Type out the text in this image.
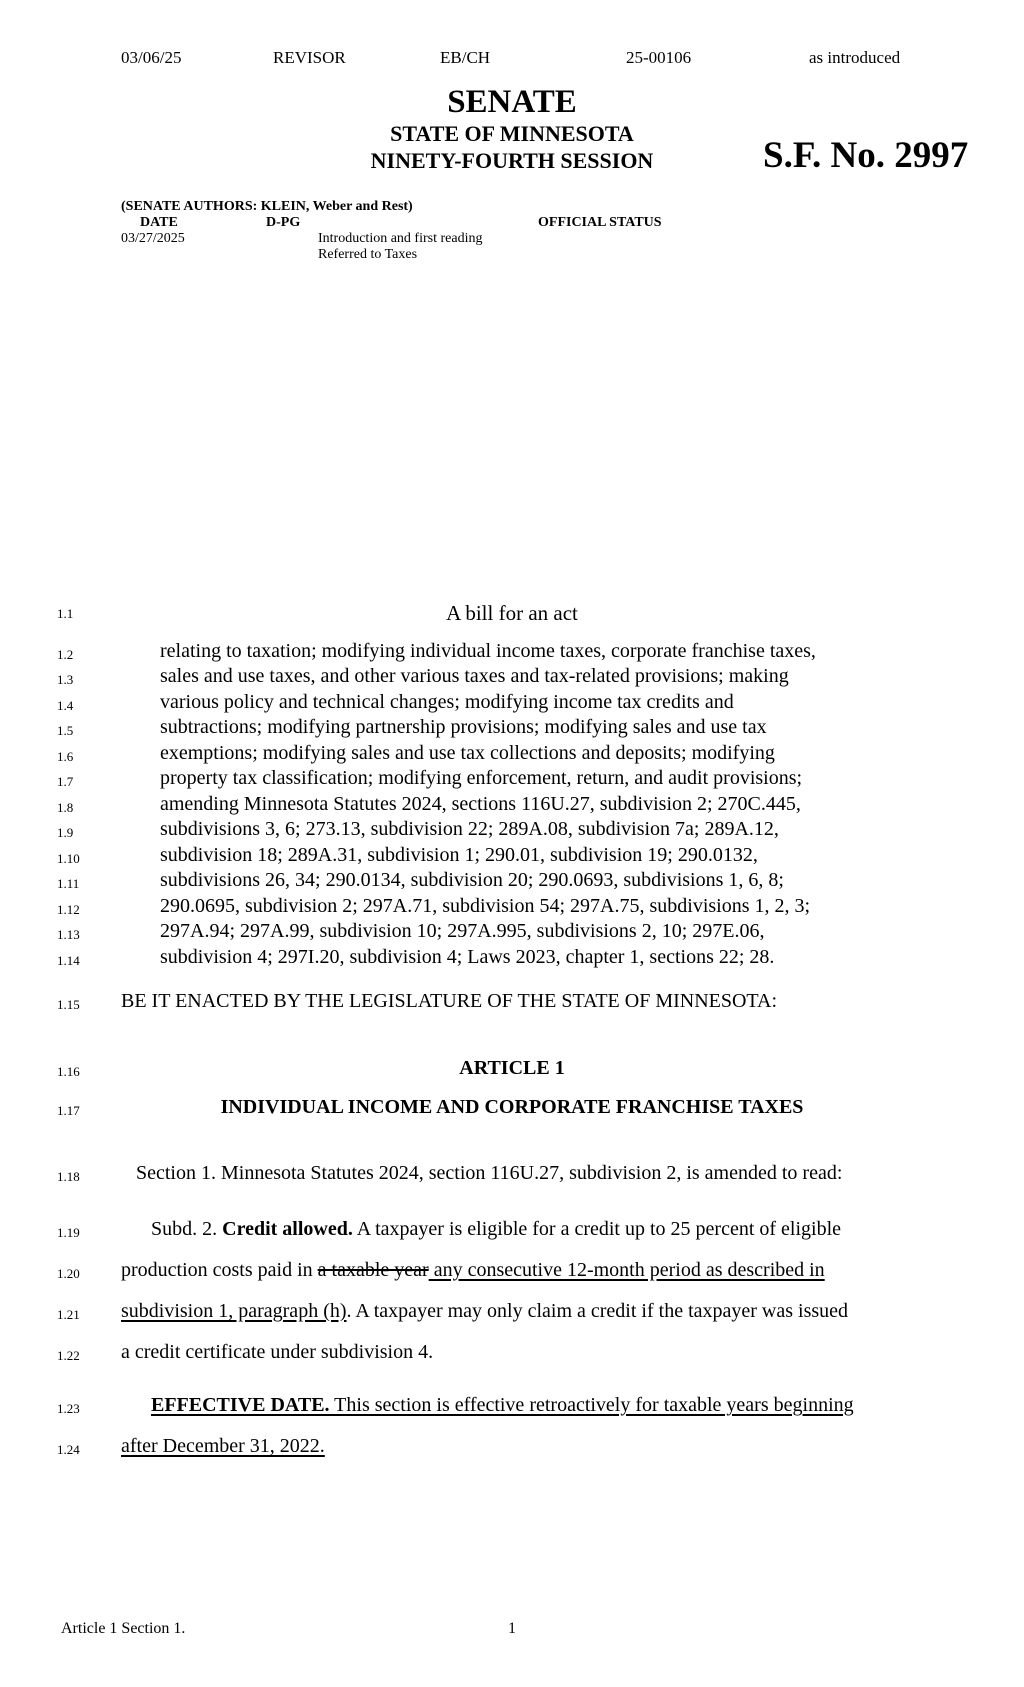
03/06/25	REVISOR	EB/CH	25-00106	as introduced
SENATE
STATE OF MINNESOTA
NINETY-FOURTH SESSION	S.F. No. 2997
(SENATE AUTHORS: KLEIN, Weber and Rest)
DATE	D-PG	OFFICIAL STATUS
03/27/2025	Introduction and first reading
Referred to Taxes
1.1
1.2
1.3
1.4
1.5
1.6
1.7
1.8
1.9
1.10
1.11
1.12
1.13
1.14
1.15
1.16
1.17
1.18
1.19
1.20
1.21
1.22
1.23
1.24
A bill for an act
relating to taxation; modifying individual income taxes, corporate franchise taxes,
sales and use taxes, and other various taxes and tax-related provisions; making
various policy and technical changes; modifying income tax credits and
subtractions; modifying partnership provisions; modifying sales and use tax
exemptions; modifying sales and use tax collections and deposits; modifying
property tax classification; modifying enforcement, return, and audit provisions;
amending Minnesota Statutes 2024, sections 116U.27, subdivision 2; 270C.445,
subdivisions 3, 6; 273.13, subdivision 22; 289A.08, subdivision 7a; 289A.12,
subdivision 18; 289A.31, subdivision 1; 290.01, subdivision 19; 290.0132,
subdivisions 26, 34; 290.0134, subdivision 20; 290.0693, subdivisions 1, 6, 8;
290.0695, subdivision 2; 297A.71, subdivision 54; 297A.75, subdivisions 1, 2, 3;
297A.94; 297A.99, subdivision 10; 297A.995, subdivisions 2, 10; 297E.06,
subdivision 4; 297I.20, subdivision 4; Laws 2023, chapter 1, sections 22; 28.
BE IT ENACTED BY THE LEGISLATURE OF THE STATE OF MINNESOTA:
ARTICLE 1
INDIVIDUAL INCOME AND CORPORATE FRANCHISE TAXES
Section 1. Minnesota Statutes 2024, section 116U.27, subdivision 2, is amended to read:
Subd. 2. Credit allowed. A taxpayer is eligible for a credit up to 25 percent of eligible
production costs paid in a taxable year any consecutive 12-month period as described in
subdivision 1, paragraph (h). A taxpayer may only claim a credit if the taxpayer was issued
a credit certificate under subdivision 4.
EFFECTIVE DATE. This section is effective retroactively for taxable years beginning
after December 31, 2022.
Article 1 Section 1.	1
